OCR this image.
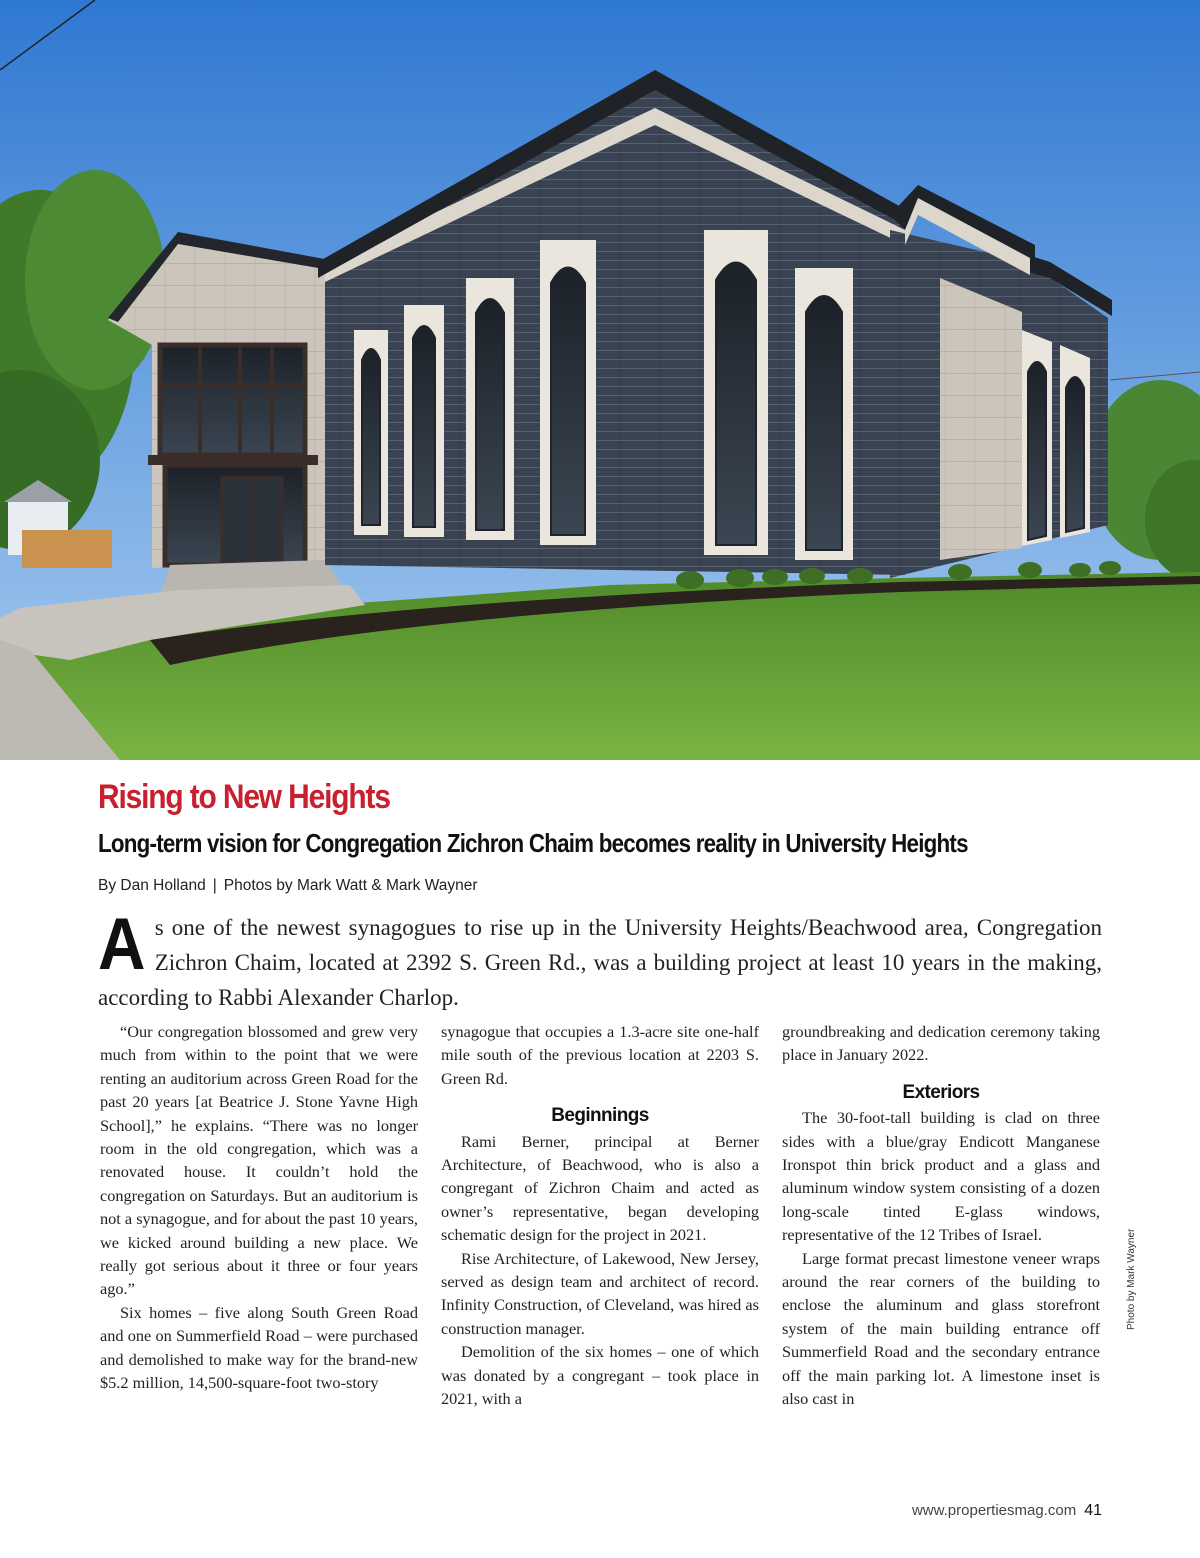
Rising to New Heights
Long-term vision for Congregation Zichron Chaim becomes reality in University Heights
By Dan Holland | Photos by Mark Watt & Mark Wayner

As one of the newest synagogues to rise up in the University Heights/Beachwood area, Congregation Zichron Chaim, located at 2392 S. Green Rd., was a building project at least 10 years in the making, according to Rabbi Alexander Charlop.

“Our congregation blossomed and grew very much from within to the point that we were renting an auditorium across Green Road for the past 20 years [at Beatrice J. Stone Yavne High School],” he explains. “There was no longer room in the old congregation, which was a renovated house. It couldn’t hold the congregation on Saturdays. But an auditorium is not a synagogue, and for about the past 10 years, we kicked around building a new place. We really got serious about it three or four years ago.”

Six homes – five along South Green Road and one on Summerfield Road – were purchased and demolished to make way for the brand-new $5.2 million, 14,500-square-foot two-story

synagogue that occupies a 1.3-acre site one-half mile south of the previous location at 2203 S. Green Rd.

Beginnings

Rami Berner, principal at Berner Architecture, of Beachwood, who is also a congregant of Zichron Chaim and acted as owner’s representative, began developing schematic design for the project in 2021.

Rise Architecture, of Lakewood, New Jersey, served as design team and architect of record. Infinity Construction, of Cleveland, was hired as construction manager.

Demolition of the six homes – one of which was donated by a congregant – took place in 2021, with a

groundbreaking and dedication ceremony taking place in January 2022.

Exteriors

The 30-foot-tall building is clad on three sides with a blue/gray Endicott Manganese Ironspot thin brick product and a glass and aluminum window system consisting of a dozen long-scale tinted E-glass windows, representative of the 12 Tribes of Israel.

Large format precast limestone veneer wraps around the rear corners of the building to enclose the aluminum and glass storefront system of the main building entrance off Summerfield Road and the secondary entrance off the main parking lot. A limestone inset is also cast in

Photo by Mark Wayner
www.propertiesmag.com 41
